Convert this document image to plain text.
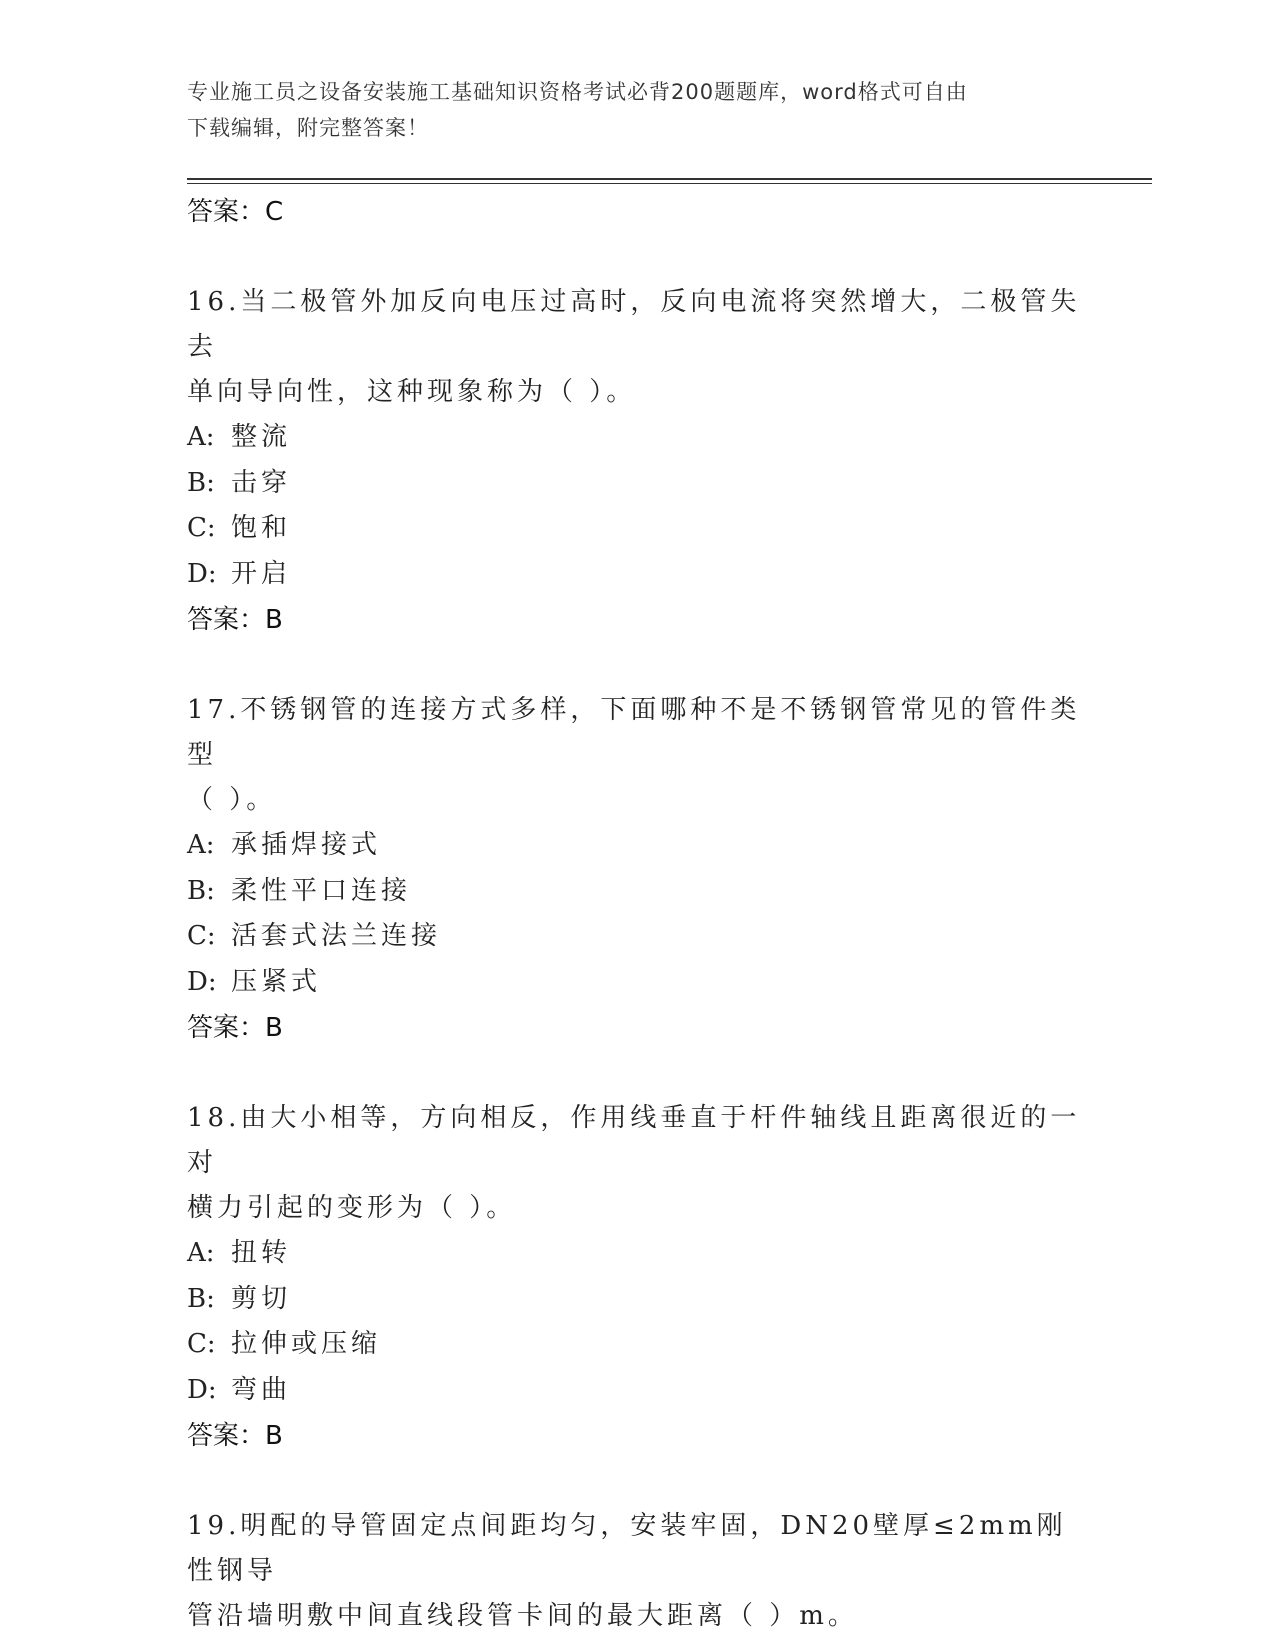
专业施工员之设备安装施工基础知识资格考试必背200题题库，word格式可自由
下载编辑，附完整答案！
答案：C
16.当二极管外加反向电压过高时，反向电流将突然增大，二极管失去
单向导向性，这种现象称为（ ）。
A: 整流
B: 击穿
C: 饱和
D: 开启
答案：B
17.不锈钢管的连接方式多样，下面哪种不是不锈钢管常见的管件类型
（ ）。
A: 承插焊接式
B: 柔性平口连接
C: 活套式法兰连接
D: 压紧式
答案：B
18.由大小相等，方向相反，作用线垂直于杆件轴线且距离很近的一对
横力引起的变形为（ ）。
A: 扭转
B: 剪切
C: 拉伸或压缩
D: 弯曲
答案：B
19.明配的导管固定点间距均匀，安装牢固，DN20壁厚≤2mm刚性钢导
管沿墙明敷中间直线段管卡间的最大距离（ ）m。
